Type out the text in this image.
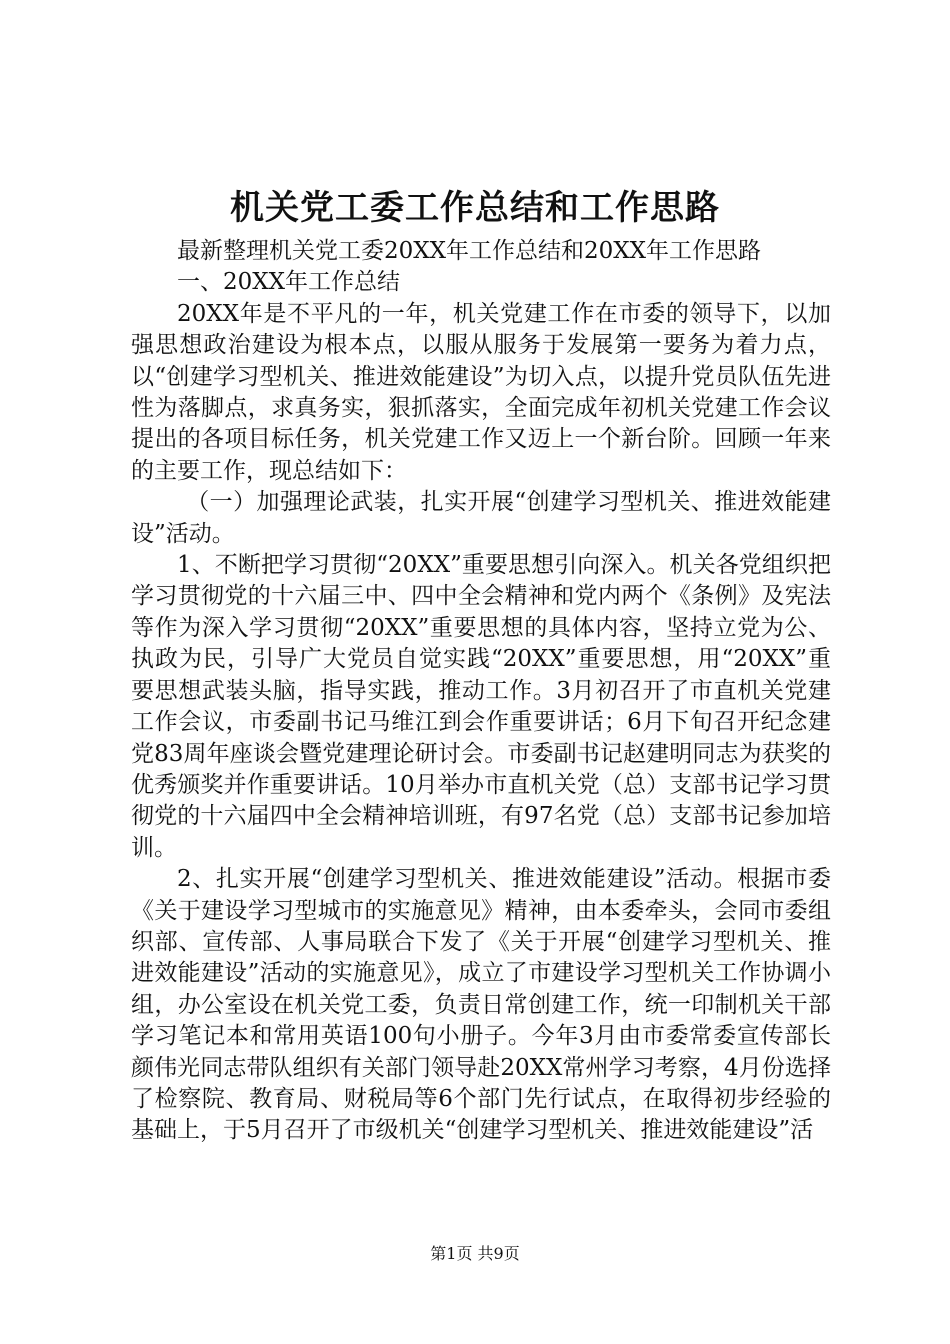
机关党工委工作总结和工作思路

最新整理机关党工委20XX年工作总结和20XX年工作思路

一、20XX年工作总结

20XX年是不平凡的一年，机关党建工作在市委的领导下，以加强思想政治建设为根本点，以服从服务于发展第一要务为着力点，以“创建学习型机关、推进效能建设”为切入点，以提升党员队伍先进性为落脚点，求真务实，狠抓落实，全面完成年初机关党建工作会议提出的各项目标任务，机关党建工作又迈上一个新台阶。回顾一年来的主要工作，现总结如下：

（一）加强理论武装，扎实开展“创建学习型机关、推进效能建设”活动。

1、不断把学习贯彻“20XX”重要思想引向深入。机关各党组织把学习贯彻党的十六届三中、四中全会精神和党内两个《条例》及宪法等作为深入学习贯彻“20XX”重要思想的具体内容，坚持立党为公、执政为民，引导广大党员自觉实践“20XX”重要思想，用“20XX”重要思想武装头脑，指导实践，推动工作。3月初召开了市直机关党建工作会议，市委副书记马维江到会作重要讲话；6月下旬召开纪念建党83周年座谈会暨党建理论研讨会。市委副书记赵建明同志为获奖的优秀颁奖并作重要讲话。10月举办市直机关党（总）支部书记学习贯彻党的十六届四中全会精神培训班，有97名党（总）支部书记参加培训。

2、扎实开展“创建学习型机关、推进效能建设”活动。根据市委《关于建设学习型城市的实施意见》精神，由本委牵头，会同市委组织部、宣传部、人事局联合下发了《关于开展“创建学习型机关、推进效能建设”活动的实施意见》，成立了市建设学习型机关工作协调小组，办公室设在机关党工委，负责日常创建工作，统一印制机关干部学习笔记本和常用英语100句小册子。今年3月由市委常委宣传部长颜伟光同志带队组织有关部门领导赴20XX常州学习考察，4月份选择了检察院、教育局、财税局等6个部门先行试点，在取得初步经验的基础上，于5月召开了市级机关“创建学习型机关、推进效能建设”活

第1页 共9页
